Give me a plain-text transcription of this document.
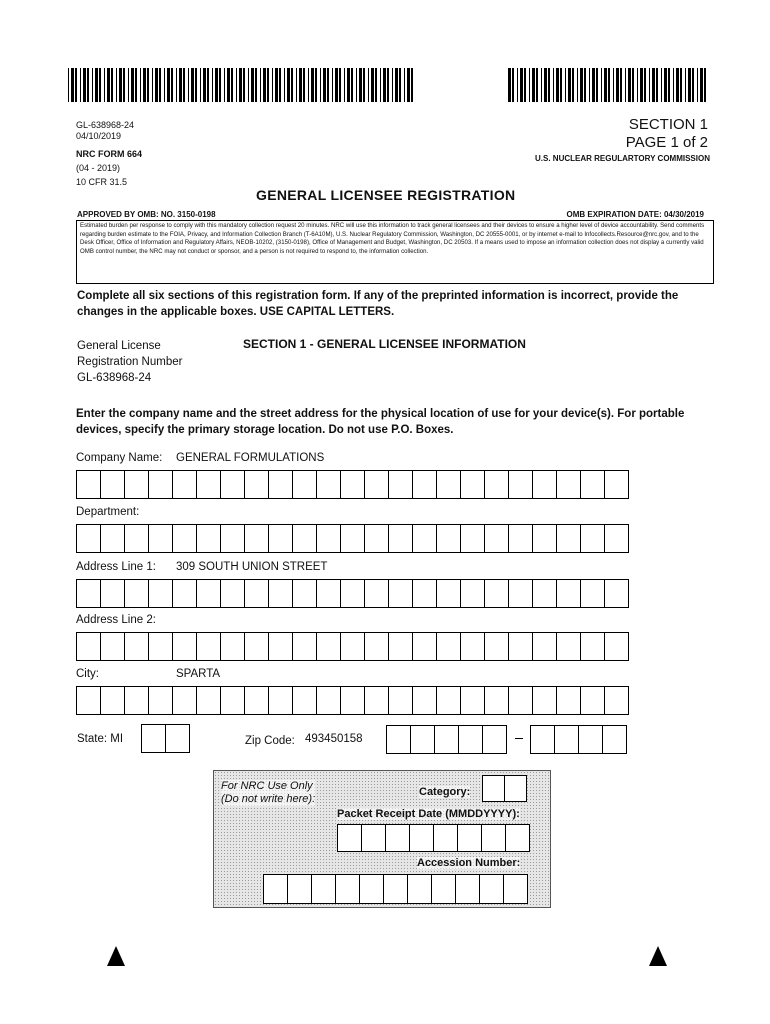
GL-638968-24
04/10/2019
NRC FORM 664
(04 - 2019)
10 CFR 31.5
SECTION 1
PAGE 1 of 2
U.S. NUCLEAR REGULARTORY COMMISSION
GENERAL LICENSEE REGISTRATION
APPROVED BY OMB: NO. 3150-0198	OMB EXPIRATION DATE: 04/30/2019
Estimated burden per response to comply with this mandatory collection request 20 minutes. NRC will use this information to track general licensees and their devices to ensure a higher level of device accountability. Send comments regarding burden estimate to the FOIA, Privacy, and Information Collection Branch (T-6A10M), U.S. Nuclear Regulatory Commission, Washington, DC 20555-0001, or by internet e-mail to Infocollects.Resource@nrc.gov, and to the Desk Officer, Office of Information and Regulatory Affairs, NEOB-10202, (3150-0198), Office of Management and Budget, Washington, DC 20503. If a means used to impose an information collection does not display a currently valid OMB control number, the NRC may not conduct or sponsor, and a person is not required to respond to, the information collection.
Complete all six sections of this registration form. If any of the preprinted information is incorrect, provide the changes in the applicable boxes. USE CAPITAL LETTERS.
General License
Registration Number
GL-638968-24
SECTION 1 - GENERAL LICENSEE INFORMATION
Enter the company name and the street address for the physical location of use for your device(s). For portable devices, specify the primary storage location. Do not use P.O. Boxes.
Company Name: GENERAL FORMULATIONS
Department:
Address Line 1: 309 SOUTH UNION STREET
Address Line 2:
City:	SPARTA
State: MI	Zip Code: 493450158
For NRC Use Only
(Do not write here):
Category:
Packet Receipt Date (MMDDYYYY):
Accession Number:
